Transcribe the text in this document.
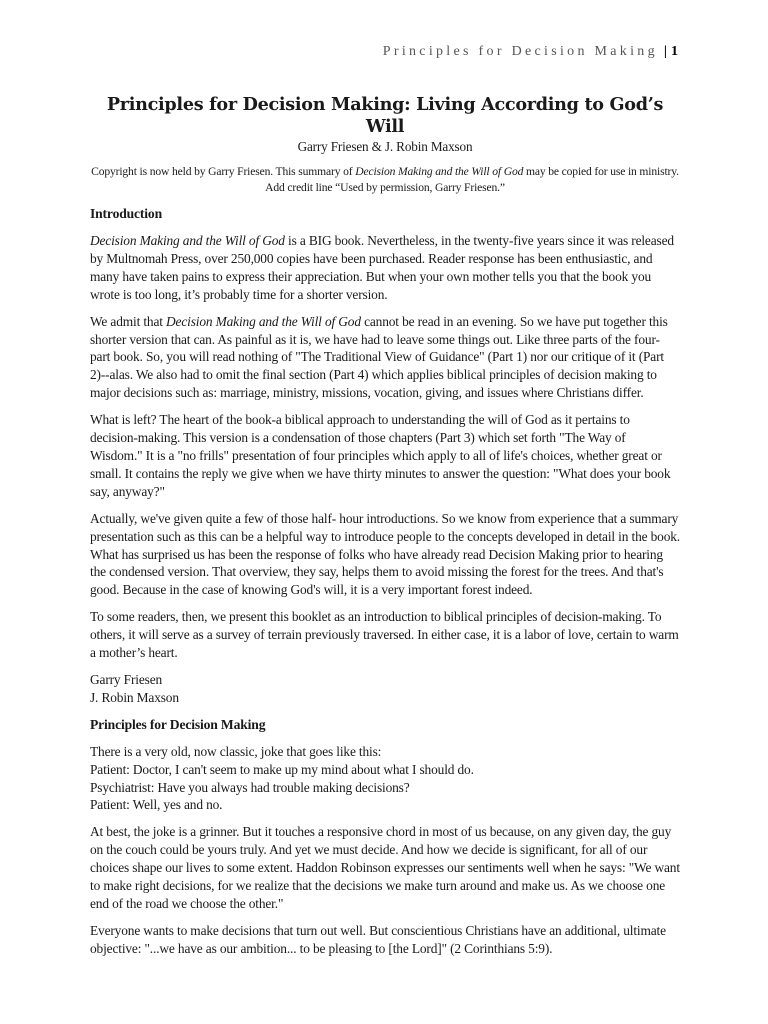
Principles for Decision Making | 1
Principles for Decision Making: Living According to God’s Will
Garry Friesen & J. Robin Maxson
Copyright is now held by Garry Friesen. This summary of Decision Making and the Will of God may be copied for use in ministry. Add credit line “Used by permission, Garry Friesen.”
Introduction

Decision Making and the Will of God is a BIG book. Nevertheless, in the twenty-five years since it was released by Multnomah Press, over 250,000 copies have been purchased. Reader response has been enthusiastic, and many have taken pains to express their appreciation. But when your own mother tells you that the book you wrote is too long, it’s probably time for a shorter version.

We admit that Decision Making and the Will of God cannot be read in an evening. So we have put together this shorter version that can. As painful as it is, we have had to leave some things out. Like three parts of the four-part book. So, you will read nothing of "The Traditional View of Guidance" (Part 1) nor our critique of it (Part 2)--alas. We also had to omit the final section (Part 4) which applies biblical principles of decision making to major decisions such as: marriage, ministry, missions, vocation, giving, and issues where Christians differ.

What is left? The heart of the book-a biblical approach to understanding the will of God as it pertains to decision-making. This version is a condensation of those chapters (Part 3) which set forth "The Way of Wisdom." It is a "no frills" presentation of four principles which apply to all of life's choices, whether great or small. It contains the reply we give when we have thirty minutes to answer the question: "What does your book say, anyway?"

Actually, we've given quite a few of those half- hour introductions. So we know from experience that a summary presentation such as this can be a helpful way to introduce people to the concepts developed in detail in the book. What has surprised us has been the response of folks who have already read Decision Making prior to hearing the condensed version. That overview, they say, helps them to avoid missing the forest for the trees. And that's good. Because in the case of knowing God's will, it is a very important forest indeed.

To some readers, then, we present this booklet as an introduction to biblical principles of decision-making. To others, it will serve as a survey of terrain previously traversed. In either case, it is a labor of love, certain to warm a mother’s heart.

Garry Friesen
J. Robin Maxson
Principles for Decision Making
There is a very old, now classic, joke that goes like this:
Patient: Doctor, I can't seem to make up my mind about what I should do.
Psychiatrist: Have you always had trouble making decisions?
Patient: Well, yes and no.

At best, the joke is a grinner. But it touches a responsive chord in most of us because, on any given day, the guy on the couch could be yours truly. And yet we must decide. And how we decide is significant, for all of our choices shape our lives to some extent. Haddon Robinson expresses our sentiments well when he says: "We want to make right decisions, for we realize that the decisions we make turn around and make us. As we choose one end of the road we choose the other."

Everyone wants to make decisions that turn out well. But conscientious Christians have an additional, ultimate objective: "...we have as our ambition... to be pleasing to [the Lord]" (2 Corinthians 5:9).
